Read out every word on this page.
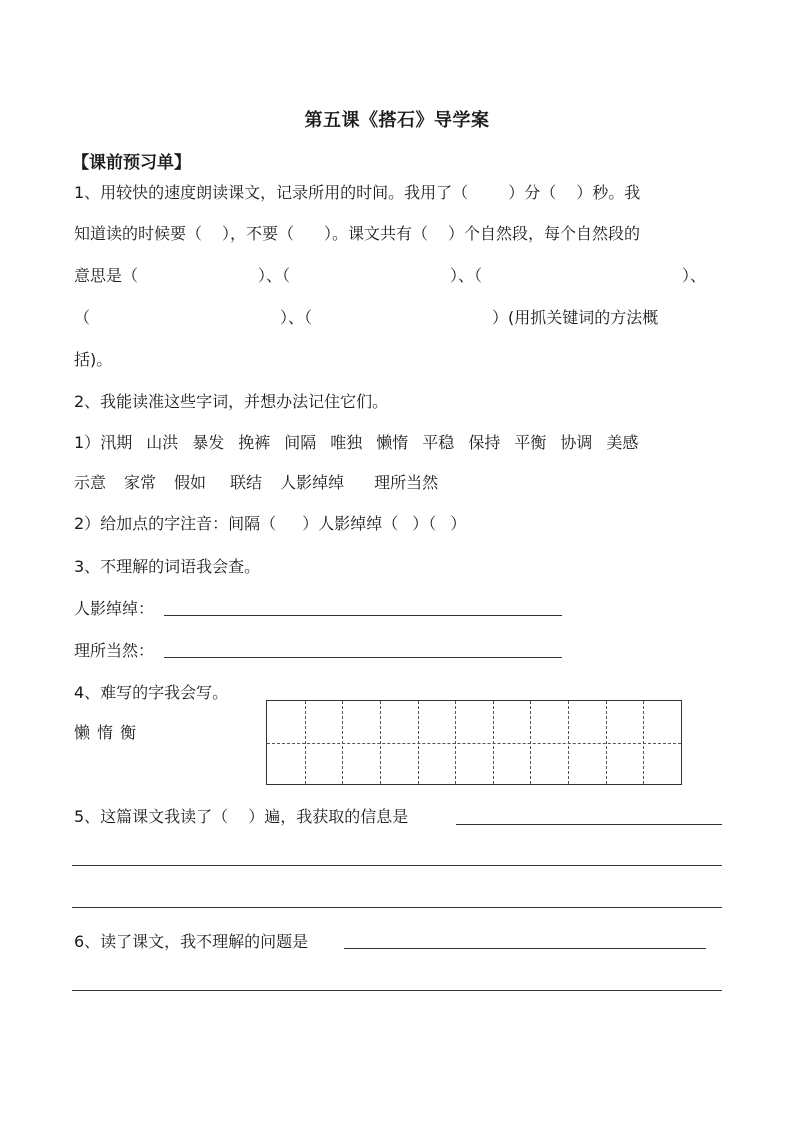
第五课《搭石》导学案
【课前预习单】
1、用较快的速度朗读课文，记录所用的时间。我用了（	）分（ ）秒。我
知道读的时候要（ ），不要（ ）。课文共有（ ）个自然段，每个自然段的
意思是（	）、（	）、（	）、
（	）、（	）(用抓关键词的方法概
括)。
2、我能读准这些字词，并想办法记住它们。
1）汛期 山洪 暴发 挽裤 间隔 唯独 懒惰 平稳 保持 平衡 协调 美感
示意 家常 假如 联结 人影绰绰 理所当然
2）给加点的字注音：间隔（ ）人影绰绰（ ）（ ）
3、不理解的词语我会查。
人影绰绰：
理所当然：
4、难写的字我会写。
懒 惰 衡
5、这篇课文我读了（ ）遍，我获取的信息是
6、读了课文，我不理解的问题是
